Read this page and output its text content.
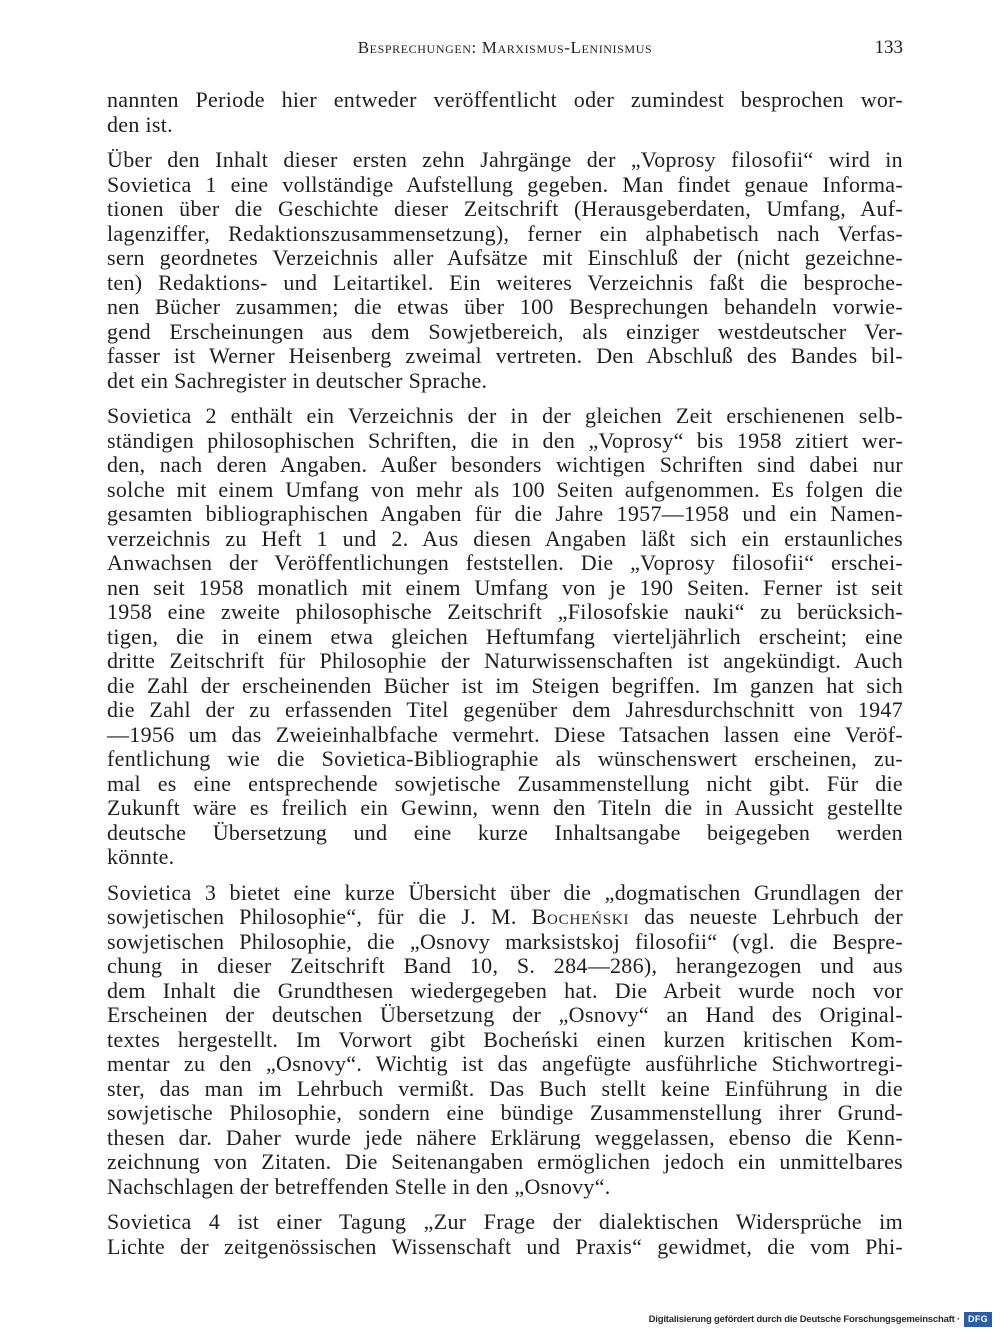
Besprechungen: Marxismus-Leninismus	133
nannten Periode hier entweder veröffentlicht oder zumindest besprochen wor-
den ist.
Über den Inhalt dieser ersten zehn Jahrgänge der „Voprosy filosofii“ wird in
Sovietica 1 eine vollständige Aufstellung gegeben. Man findet genaue Informa-
tionen über die Geschichte dieser Zeitschrift (Herausgeberdaten, Umfang, Auf-
lagenziffer, Redaktionszusammensetzung), ferner ein alphabetisch nach Verfas-
sern geordnetes Verzeichnis aller Aufsätze mit Einschluß der (nicht gezeichne-
ten) Redaktions- und Leitartikel. Ein weiteres Verzeichnis faßt die besproche-
nen Bücher zusammen; die etwas über 100 Besprechungen behandeln vorwie-
gend Erscheinungen aus dem Sowjetbereich, als einziger westdeutscher Ver-
fasser ist Werner Heisenberg zweimal vertreten. Den Abschluß des Bandes bil-
det ein Sachregister in deutscher Sprache.
Sovietica 2 enthält ein Verzeichnis der in der gleichen Zeit erschienenen selb-
ständigen philosophischen Schriften, die in den „Voprosy“ bis 1958 zitiert wer-
den, nach deren Angaben. Außer besonders wichtigen Schriften sind dabei nur
solche mit einem Umfang von mehr als 100 Seiten aufgenommen. Es folgen die
gesamten bibliographischen Angaben für die Jahre 1957—1958 und ein Namen-
verzeichnis zu Heft 1 und 2. Aus diesen Angaben läßt sich ein erstaunliches
Anwachsen der Veröffentlichungen feststellen. Die „Voprosy filosofii“ erschei-
nen seit 1958 monatlich mit einem Umfang von je 190 Seiten. Ferner ist seit
1958 eine zweite philosophische Zeitschrift „Filosofskie nauki“ zu berücksich-
tigen, die in einem etwa gleichen Heftumfang vierteljährlich erscheint; eine
dritte Zeitschrift für Philosophie der Naturwissenschaften ist angekündigt. Auch
die Zahl der erscheinenden Bücher ist im Steigen begriffen. Im ganzen hat sich
die Zahl der zu erfassenden Titel gegenüber dem Jahresdurchschnitt von 1947
—1956 um das Zweieinhalbfache vermehrt. Diese Tatsachen lassen eine Veröf-
fentlichung wie die Sovietica-Bibliographie als wünschenswert erscheinen, zu-
mal es eine entsprechende sowjetische Zusammenstellung nicht gibt. Für die
Zukunft wäre es freilich ein Gewinn, wenn den Titeln die in Aussicht gestellte
deutsche Übersetzung und eine kurze Inhaltsangabe beigegeben werden
könnte.
Sovietica 3 bietet eine kurze Übersicht über die „dogmatischen Grundlagen der
sowjetischen Philosophie“, für die J. M. Bocheński das neueste Lehrbuch der
sowjetischen Philosophie, die „Osnovy marksistskoj filosofii“ (vgl. die Bespre-
chung in dieser Zeitschrift Band 10, S. 284—286), herangezogen und aus
dem Inhalt die Grundthesen wiedergegeben hat. Die Arbeit wurde noch vor
Erscheinen der deutschen Übersetzung der „Osnovy“ an Hand des Original-
textes hergestellt. Im Vorwort gibt Bocheński einen kurzen kritischen Kom-
mentar zu den „Osnovy“. Wichtig ist das angefügte ausführliche Stichwortregi-
ster, das man im Lehrbuch vermißt. Das Buch stellt keine Einführung in die
sowjetische Philosophie, sondern eine bündige Zusammenstellung ihrer Grund-
thesen dar. Daher wurde jede nähere Erklärung weggelassen, ebenso die Kenn-
zeichnung von Zitaten. Die Seitenangaben ermöglichen jedoch ein unmittelbares
Nachschlagen der betreffenden Stelle in den „Osnovy“.
Sovietica 4 ist einer Tagung „Zur Frage der dialektischen Widersprüche im
Lichte der zeitgenössischen Wissenschaft und Praxis“ gewidmet, die vom Phi-
Digitalisierung gefördert durch die Deutsche Forschungsgemeinschaft · DFG
